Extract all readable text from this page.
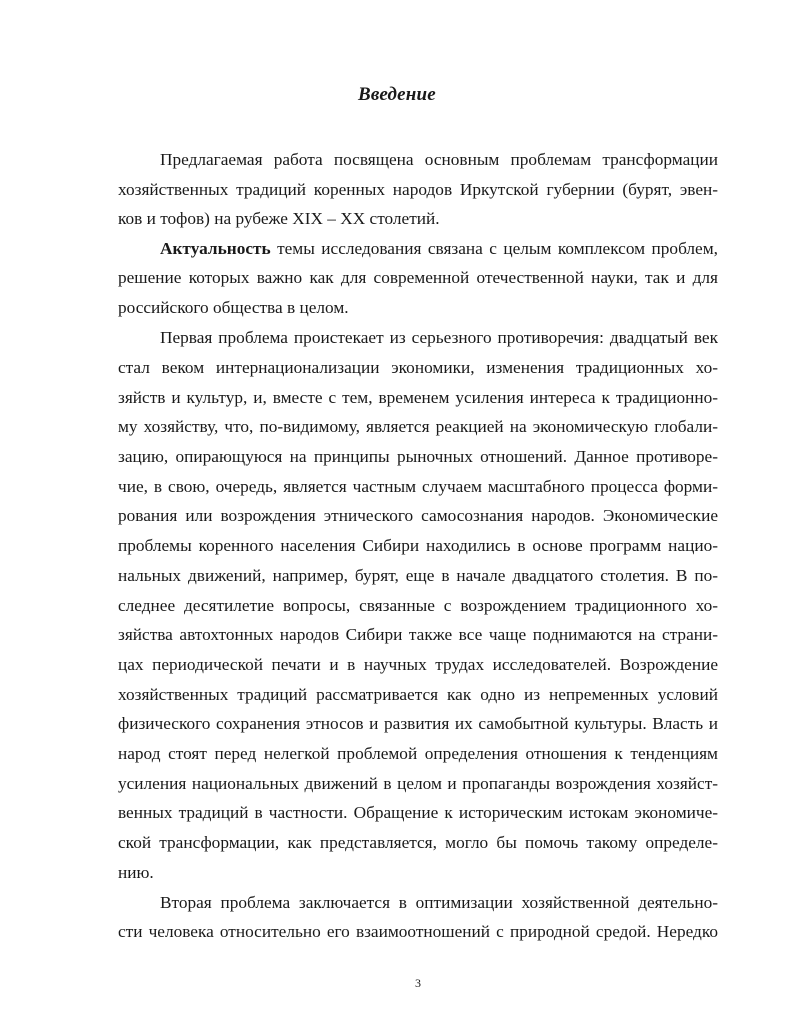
Введение
Предлагаемая работа посвящена основным проблемам трансформации
хозяйственных традиций коренных народов Иркутской губернии (бурят, эвен-
ков и тофов) на рубеже XIX – XX столетий.
Актуальность темы исследования связана с целым комплексом проблем,
решение которых важно как для современной отечественной науки, так и для
российского общества в целом.
Первая проблема проистекает из серьезного противоречия: двадцатый век
стал веком интернационализации экономики, изменения традиционных хо-
зяйств и культур, и, вместе с тем, временем усиления интереса к традиционно-
му хозяйству, что, по-видимому, является реакцией на экономическую глобали-
зацию, опирающуюся на принципы рыночных отношений. Данное противоре-
чие, в свою, очередь, является частным случаем масштабного процесса форми-
рования или возрождения этнического самосознания народов. Экономические
проблемы коренного населения Сибири находились в основе программ нацио-
нальных движений, например, бурят, еще в начале двадцатого столетия. В по-
следнее десятилетие вопросы, связанные с возрождением традиционного хо-
зяйства автохтонных народов Сибири также все чаще поднимаются на страни-
цах периодической печати и в научных трудах исследователей. Возрождение
хозяйственных традиций рассматривается как одно из непременных условий
физического сохранения этносов и развития их самобытной культуры. Власть и
народ стоят перед нелегкой проблемой определения отношения к тенденциям
усиления национальных движений в целом и пропаганды возрождения хозяйст-
венных традиций в частности. Обращение к историческим истокам экономиче-
ской трансформации, как представляется, могло бы помочь такому определе-
нию.
Вторая проблема заключается в оптимизации хозяйственной деятельно-
сти человека относительно его взаимоотношений с природной средой. Нередко
3
